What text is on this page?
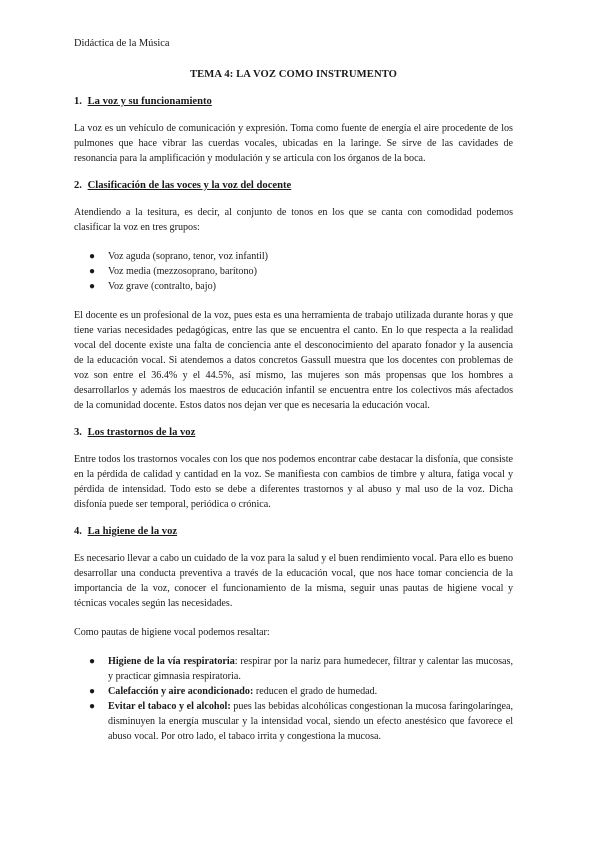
Didáctica de la Música
TEMA 4: LA VOZ COMO INSTRUMENTO
1. La voz y su funcionamiento

La voz es un vehículo de comunicación y expresión. Toma como fuente de energía el aire procedente de los pulmones que hace vibrar las cuerdas vocales, ubicadas en la laringe. Se sirve de las cavidades de resonancia para la amplificación y modulación y se articula con los órganos de la boca.

2. Clasificación de las voces y la voz del docente

Atendiendo a la tesitura, es decir, al conjunto de tonos en los que se canta con comodidad podemos clasificar la voz en tres grupos:

● Voz aguda (soprano, tenor, voz infantil)
● Voz media (mezzosoprano, barítono)
● Voz grave (contralto, bajo)

El docente es un profesional de la voz, pues esta es una herramienta de trabajo utilizada durante horas y que tiene varias necesidades pedagógicas, entre las que se encuentra el canto. En lo que respecta a la realidad vocal del docente existe una falta de conciencia ante el desconocimiento del aparato fonador y la ausencia de la educación vocal. Si atendemos a datos concretos Gassull muestra que los docentes con problemas de voz son entre el 36.4% y el 44.5%, así mismo, las mujeres son más propensas que los hombres a desarrollarlos y además los maestros de educación infantil se encuentra entre los colectivos más afectados de la comunidad docente. Estos datos nos dejan ver que es necesaria la educación vocal.

3. Los trastornos de la voz

Entre todos los trastornos vocales con los que nos podemos encontrar cabe destacar la disfonía, que consiste en la pérdida de calidad y cantidad en la voz. Se manifiesta con cambios de timbre y altura, fatiga vocal y pérdida de intensidad. Todo esto se debe a diferentes trastornos y al abuso y mal uso de la voz. Dicha disfonía puede ser temporal, periódica o crónica.

4. La higiene de la voz

Es necesario llevar a cabo un cuidado de la voz para la salud y el buen rendimiento vocal. Para ello es bueno desarrollar una conducta preventiva a través de la educación vocal, que nos hace tomar conciencia de la importancia de la voz, conocer el funcionamiento de la misma, seguir unas pautas de higiene vocal y técnicas vocales según las necesidades.

Como pautas de higiene vocal podemos resaltar:

● Higiene de la vía respiratoria: respirar por la nariz para humedecer, filtrar y calentar las mucosas, y practicar gimnasia respiratoria.
● Calefacción y aire acondicionado: reducen el grado de humedad.
● Evitar el tabaco y el alcohol: pues las bebidas alcohólicas congestionan la mucosa faringolaríngea, disminuyen la energía muscular y la intensidad vocal, siendo un efecto anestésico que favorece el abuso vocal. Por otro lado, el tabaco irrita y congestiona la mucosa.
